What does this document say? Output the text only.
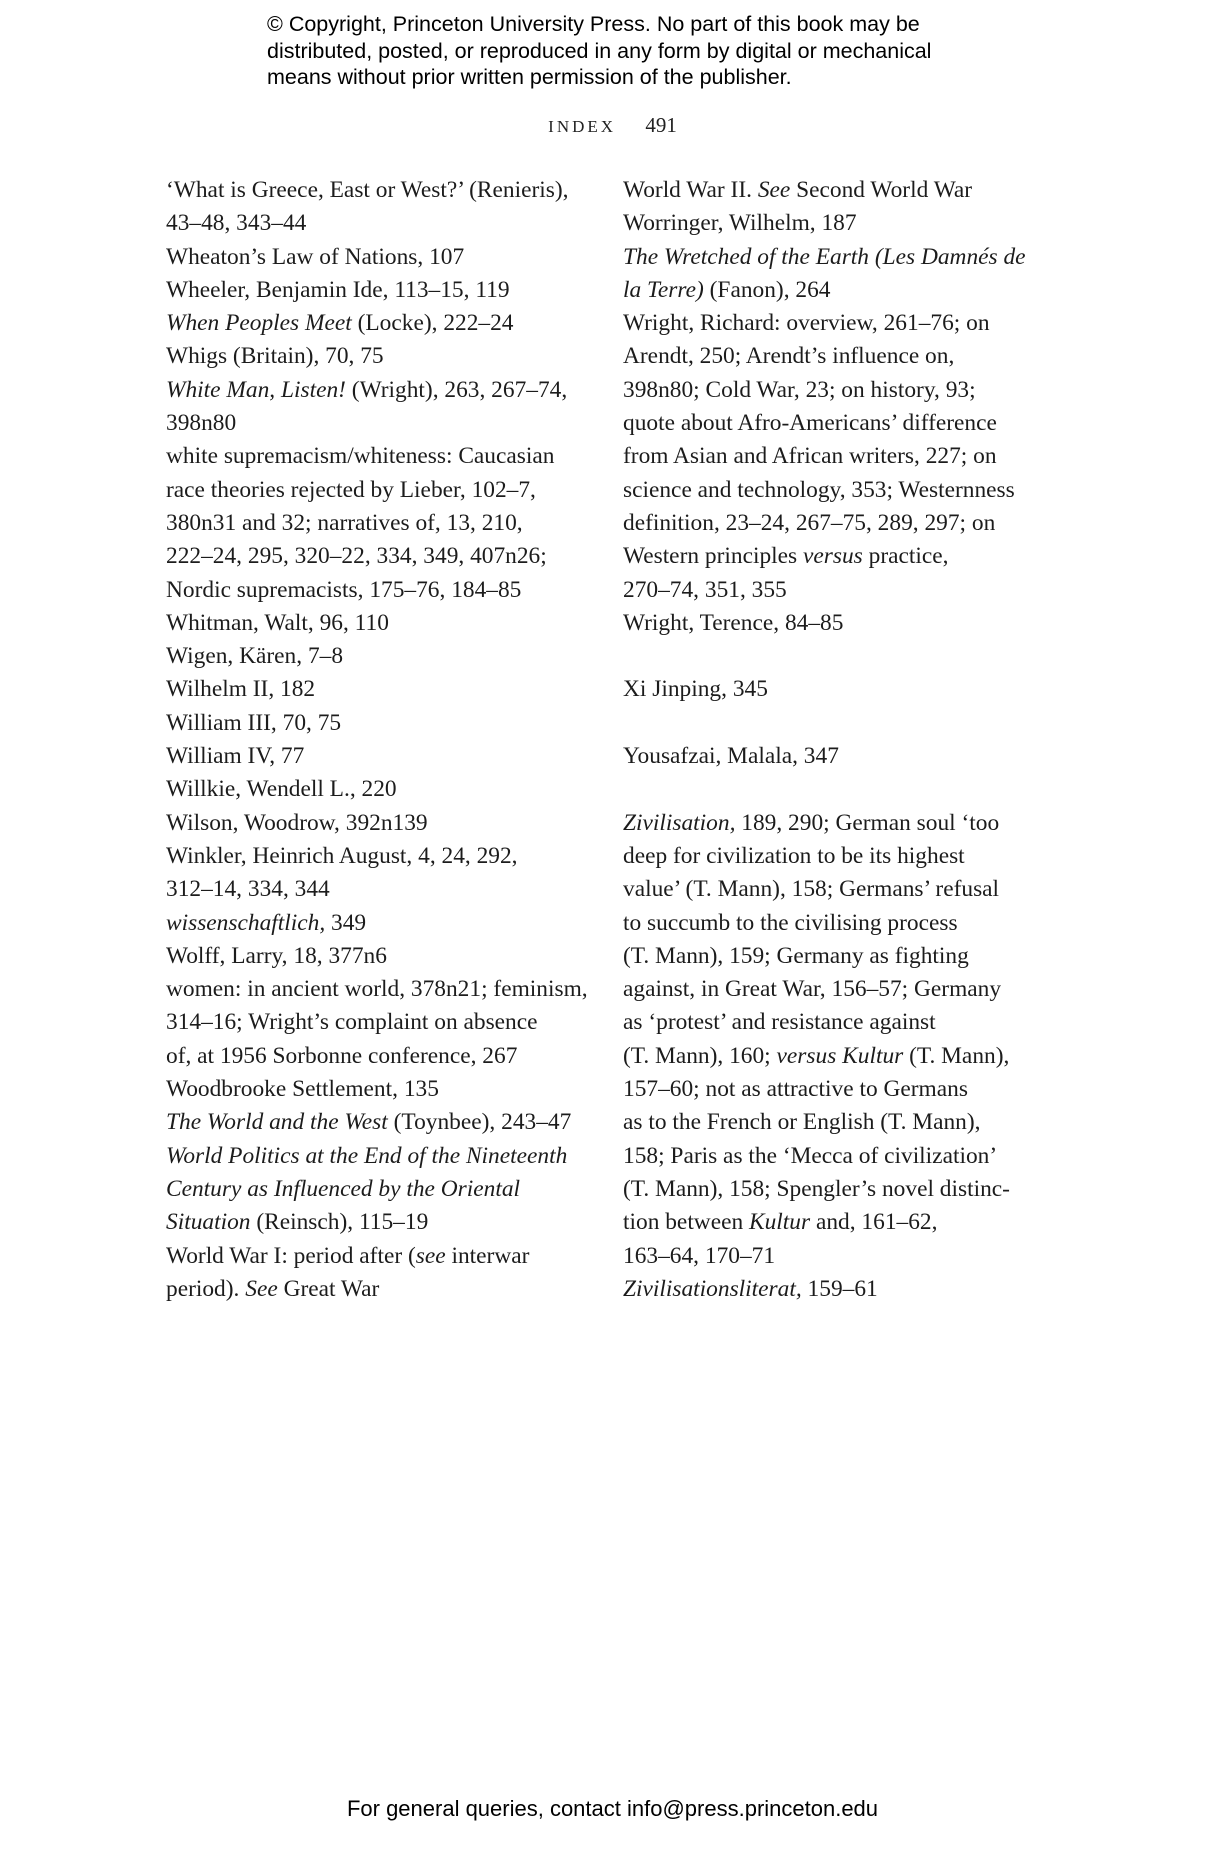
© Copyright, Princeton University Press. No part of this book may be
distributed, posted, or reproduced in any form by digital or mechanical
means without prior written permission of the publisher.
INDEX 491
‘What is Greece, East or West?’ (Renieris),
43–48, 343–44
Wheaton’s Law of Nations, 107
Wheeler, Benjamin Ide, 113–15, 119
When Peoples Meet (Locke), 222–24
Whigs (Britain), 70, 75
White Man, Listen! (Wright), 263, 267–74,
398n80
white supremacism/whiteness: Caucasian
race theories rejected by Lieber, 102–7,
380n31 and 32; narratives of, 13, 210,
222–24, 295, 320–22, 334, 349, 407n26;
Nordic supremacists, 175–76, 184–85
Whitman, Walt, 96, 110
Wigen, Kären, 7–8
Wilhelm II, 182
William III, 70, 75
William IV, 77
Willkie, Wendell L., 220
Wilson, Woodrow, 392n139
Winkler, Heinrich August, 4, 24, 292,
312–14, 334, 344
wissenschaftlich, 349
Wolff, Larry, 18, 377n6
women: in ancient world, 378n21; feminism,
314–16; Wright’s complaint on absence
of, at 1956 Sorbonne conference, 267
Woodbrooke Settlement, 135
The World and the West (Toynbee), 243–47
World Politics at the End of the Nineteenth
Century as Influenced by the Oriental
Situation (Reinsch), 115–19
World War I: period after (see interwar
period). See Great War
World War II. See Second World War
Worringer, Wilhelm, 187
The Wretched of the Earth (Les Damnés de
la Terre) (Fanon), 264
Wright, Richard: overview, 261–76; on
Arendt, 250; Arendt’s influence on,
398n80; Cold War, 23; on history, 93;
quote about Afro-Americans’ difference
from Asian and African writers, 227; on
science and technology, 353; Westernness
definition, 23–24, 267–75, 289, 297; on
Western principles versus practice,
270–74, 351, 355
Wright, Terence, 84–85
Xi Jinping, 345
Yousafzai, Malala, 347
Zivilisation, 189, 290; German soul ‘too
deep for civilization to be its highest
value’ (T. Mann), 158; Germans’ refusal
to succumb to the civilising process
(T. Mann), 159; Germany as fighting
against, in Great War, 156–57; Germany
as ‘protest’ and resistance against
(T. Mann), 160; versus Kultur (T. Mann),
157–60; not as attractive to Germans
as to the French or English (T. Mann),
158; Paris as the ‘Mecca of civilization’
(T. Mann), 158; Spengler’s novel distinc-
tion between Kultur and, 161–62,
163–64, 170–71
Zivilisationsliterat, 159–61
For general queries, contact info@press.princeton.edu
